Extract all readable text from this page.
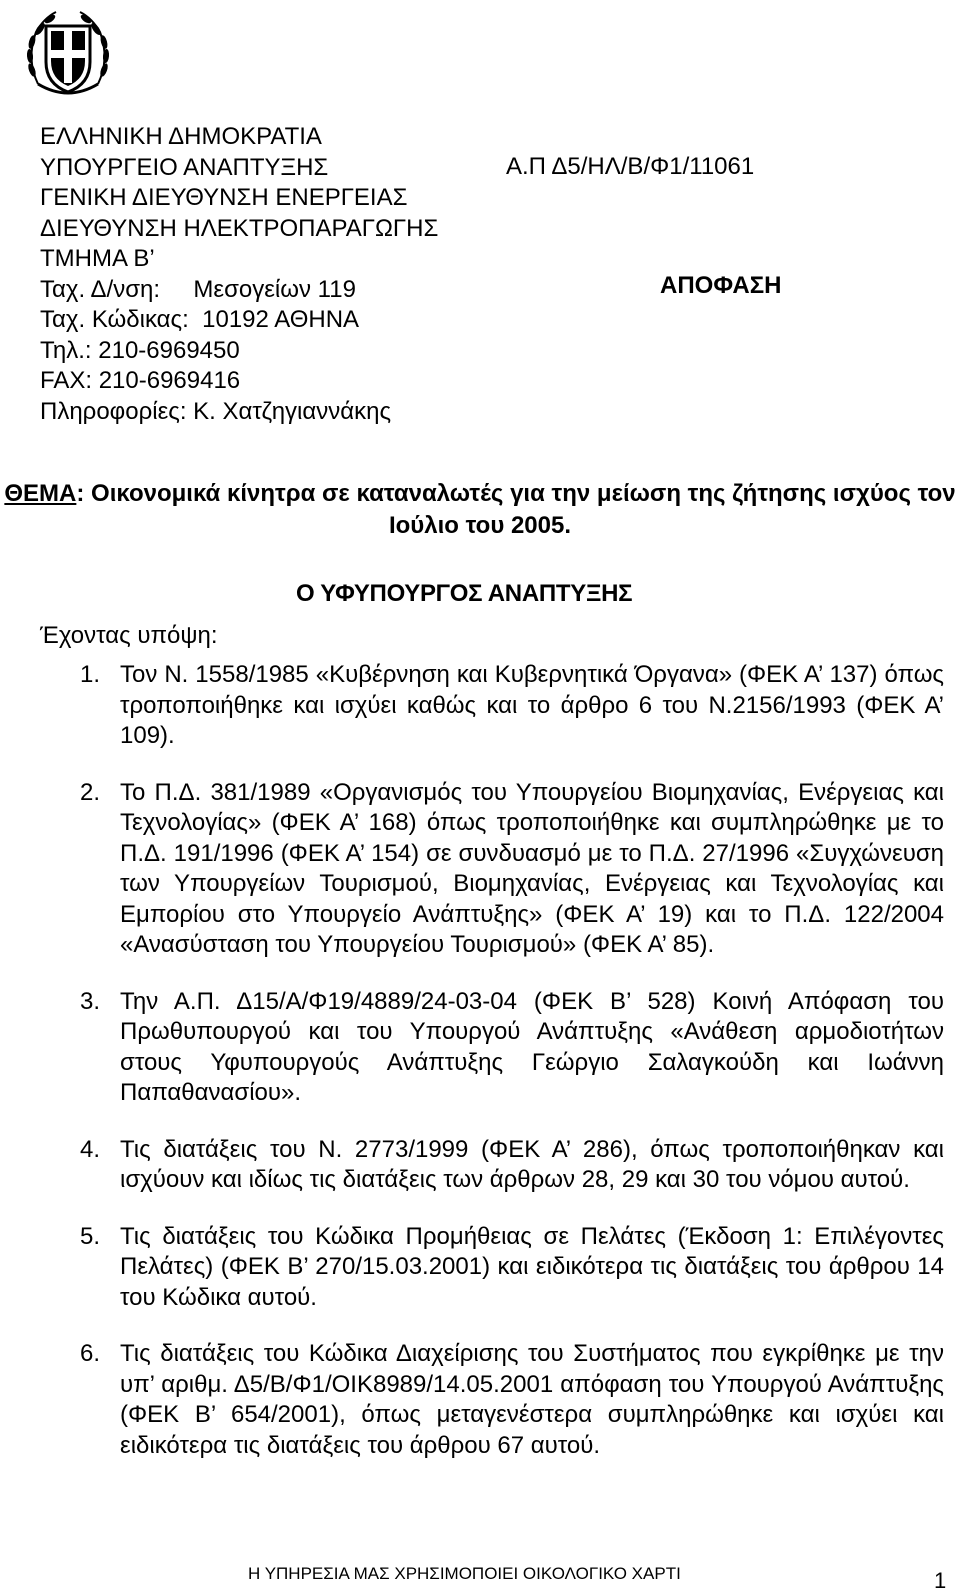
ΕΛΛΗΝΙΚΗ ΔΗΜΟΚΡΑΤΙΑ
ΥΠΟΥΡΓΕΙΟ ΑΝΑΠΤΥΞΗΣ
ΓΕΝΙΚΗ ΔΙΕΥΘΥΝΣΗ ΕΝΕΡΓΕΙΑΣ
ΔΙΕΥΘΥΝΣΗ ΗΛΕΚΤΡΟΠΑΡΑΓΩΓΗΣ
ΤΜΗΜΑ Β’
Ταχ. Δ/νση:     Μεσογείων 119
Ταχ. Κώδικας:  10192 ΑΘΗΝΑ
Τηλ.: 210-6969450
FAX: 210-6969416
Πληροφορίες: Κ. Χατζηγιαννάκης
Α.Π Δ5/ΗΛ/Β/Φ1/11061
ΑΠΟΦΑΣΗ
ΘΕΜΑ: Οικονομικά κίνητρα σε καταναλωτές για την μείωση της ζήτησης ισχύος τον Ιούλιο του 2005.
Ο ΥΦΥΠΟΥΡΓΟΣ ΑΝΑΠΤΥΞΗΣ
Έχοντας υπόψη:
1. Τον Ν. 1558/1985 «Κυβέρνηση και Κυβερνητικά Όργανα» (ΦΕΚ Α’ 137) όπως τροποποιήθηκε και ισχύει καθώς και το άρθρο 6 του Ν.2156/1993 (ΦΕΚ Α’ 109).
2. Το Π.Δ. 381/1989 «Οργανισμός του Υπουργείου Βιομηχανίας, Ενέργειας και Τεχνολογίας» (ΦΕΚ Α’ 168) όπως τροποποιήθηκε και συμπληρώθηκε με το Π.Δ. 191/1996 (ΦΕΚ Α’ 154) σε συνδυασμό με το Π.Δ. 27/1996 «Συγχώνευση των Υπουργείων Τουρισμού, Βιομηχανίας, Ενέργειας και Τεχνολογίας και Εμπορίου στο Υπουργείο Ανάπτυξης» (ΦΕΚ Α’ 19) και το Π.Δ. 122/2004 «Ανασύσταση του Υπουργείου Τουρισμού» (ΦΕΚ Α’ 85).
3. Την Α.Π. Δ15/Α/Φ19/4889/24-03-04 (ΦΕΚ Β’ 528) Κοινή Απόφαση του Πρωθυπουργού και του Υπουργού Ανάπτυξης «Ανάθεση αρμοδιοτήτων στους Υφυπουργούς Ανάπτυξης Γεώργιο Σαλαγκούδη και Ιωάννη Παπαθανασίου».
4. Τις διατάξεις του Ν. 2773/1999 (ΦΕΚ Α’ 286), όπως τροποποιήθηκαν και ισχύουν και ιδίως τις διατάξεις των άρθρων 28, 29 και 30 του νόμου αυτού.
5. Τις διατάξεις του Κώδικα Προμήθειας σε Πελάτες (Έκδοση 1: Επιλέγοντες Πελάτες) (ΦΕΚ Β’ 270/15.03.2001) και ειδικότερα τις διατάξεις του άρθρου 14 του Κώδικα αυτού.
6. Τις διατάξεις του Κώδικα Διαχείρισης του Συστήματος που εγκρίθηκε με την υπ’ αριθμ. Δ5/Β/Φ1/ΟΙΚ8989/14.05.2001 απόφαση του Υπουργού Ανάπτυξης (ΦΕΚ Β’ 654/2001), όπως μεταγενέστερα συμπληρώθηκε και ισχύει και ειδικότερα τις διατάξεις του άρθρου 67 αυτού.
Η ΥΠΗΡΕΣΙΑ ΜΑΣ ΧΡΗΣΙΜΟΠΟΙΕΙ ΟΙΚΟΛΟΓΙΚΟ ΧΑΡΤΙ	1
